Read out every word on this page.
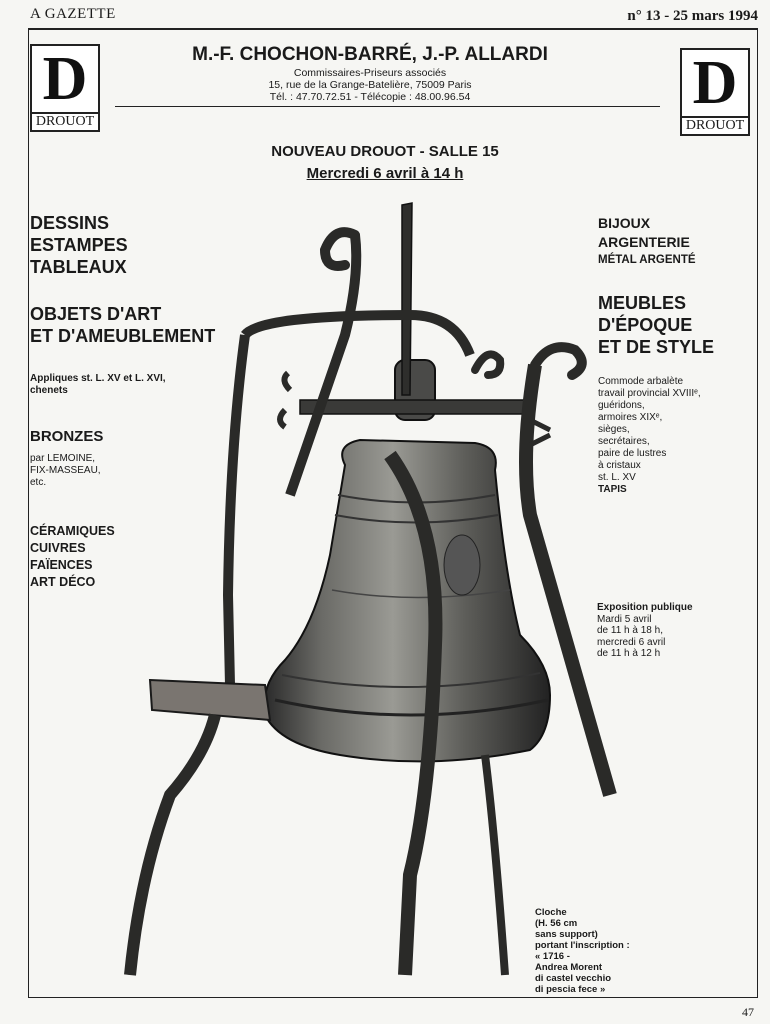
A GAZETTE	n° 13 - 25 mars 1994
D
DROUOT
D
DROUOT
M.-F. CHOCHON-BARRÉ, J.-P. ALLARDI
Commissaires-Priseurs associés
15, rue de la Grange-Batelière, 75009 Paris
Tél. : 47.70.72.51 - Télécopie : 48.00.96.54
NOUVEAU DROUOT - SALLE 15
Mercredi 6 avril à 14 h
DESSINS
ESTAMPES
TABLEAUX
OBJETS D'ART
ET D'AMEUBLEMENT
Appliques st. L. XV et L. XVI,
chenets
BRONZES
par LEMOINE,
FIX-MASSEAU,
etc.
CÉRAMIQUES
CUIVRES
FAÏENCES
ART DÉCO
BIJOUX
ARGENTERIE
MÉTAL ARGENTÉ
MEUBLES
D'ÉPOQUE
ET DE STYLE
Commode arbalète
travail provincial XVIIIᵉ,
guéridons,
armoires XIXᵉ,
sièges,
secrétaires,
paire de lustres
à cristaux
st. L. XV
TAPIS
Exposition publique
Mardi 5 avril
de 11 h à 18 h,
mercredi 6 avril
de 11 h à 12 h
Cloche
(H. 56 cm
sans support)
portant l'inscription :
« 1716 -
Andrea Morent
di castel vecchio
di pescia fece »
47
